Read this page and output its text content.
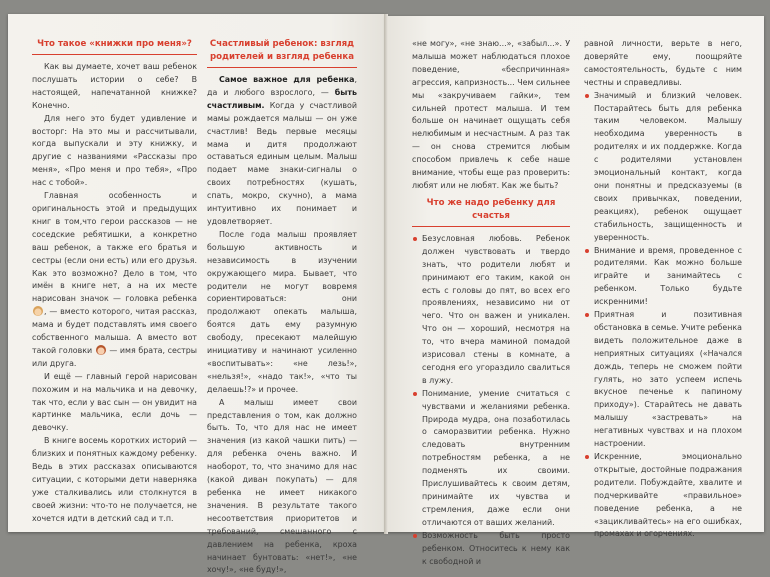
Что такое «книжки про меня»?

Как вы думаете, хочет ваш ребенок послушать истории о себе? В настоящей, напечатанной книжке? Конечно.

Для него это будет удивление и восторг: На это мы и рассчитывали, когда выпускали и эту книжку, и другие с названиями «Рассказы про меня», «Про меня и про тебя», «Про нас с тобой».

Главная особенность и оригинальность этой и предыдущих книг в том,что герои рассказов — не соседские ребятишки, а конкретно ваш ребенок, а также его братья и сестры (если они есть) или его друзья. Как это возможно? Дело в том, что имён в книге нет, а на их месте нарисован значок — головка ребенка , — вместо которого, читая рассказ, мама и будет подставлять имя своего собственного малыша. А вместо вот такой головки — имя брата, сестры или друга.

И ещё — главный герой нарисован похожим и на мальчика и на девочку, так что, если у вас сын — он увидит на картинке мальчика, если дочь — девочку.

В книге восемь коротких историй — близких и понятных каждому ребенку. Ведь в этих рассказах описываются ситуации, с которыми дети наверняка уже сталкивались или столкнутся в своей жизни: что-то не получается, не хочется идти в детский сад и т.п.

Счастливый ребенок: взгляд родителей и взгляд ребенка

Самое важное для ребенка, да и любого взрослого, — быть счастливым. Когда у счастливой мамы рождается малыш — он уже счастлив! Ведь первые месяцы мама и дитя продолжают оставаться единым целым. Малыш подает маме знаки-сигналы о своих потребностях (кушать, спать, мокро, скучно), а мама интуитивно их понимает и удовлетворяет.

После года малыш проявляет большую активность и независимость в изучении окружающего мира. Бывает, что родители не могут вовремя сориентироваться: они продолжают опекать малыша, боятся дать ему разумную свободу, пресекают малейшую инициативу и начинают усиленно «воспитывать»: «не лезь!», «нельзя!», «надо так!», «что ты делаешь!?» и прочее.

А малыш имеет свои представления о том, как должно быть. То, что для нас не имеет значения (из какой чашки пить) — для ребенка очень важно. И наоборот, то, что значимо для нас (какой диван покупать) — для ребенка не имеет никакого значения. В результате такого несоответствия приоритетов и требований, смешанного с давлением на ребенка, кроха начинает бунтовать: «нет!», «не хочу!», «не буду!»,

«не могу», «не знаю...», «забыл...». У малыша может наблюдаться плохое поведение, «беспричинная» агрессия, капризность... Чем сильнее мы «закручиваем гайки», тем сильней протест малыша. И тем больше он начинает ощущать себя нелюбимым и несчастным. А раз так — он снова стремится любым способом привлечь к себе наше внимание, чтобы еще раз проверить: любят или не любят. Как же быть?

Что же надо ребенку для счастья
Безусловная любовь. Ребенок должен чувствовать и твердо знать, что родители любят и принимают его таким, какой он есть с головы до пят, во всех его проявлениях, независимо ни от чего. Что он важен и уникален. Что он — хороший, несмотря на то, что вчера маминой помадой изрисовал стены в комнате, а сегодня его угораздило свалиться в лужу.
Понимание, умение считаться с чувствами и желаниями ребенка. Природа мудра, она позаботилась о саморазвитии ребенка. Нужно следовать внутренним потребностям ребенка, а не подменять их своими. Прислушивайтесь к своим детям, принимайте их чувства и стремления, даже если они отличаются от ваших желаний.
Возможность быть просто ребенком. Относитесь к нему как к свободной и

равной личности, верьте в него, доверяйте ему, поощряйте самостоятельность, будьте с ним честны и справедливы.

Значимый и близкий человек. Постарайтесь быть для ребенка таким человеком. Малышу необходима уверенность в родителях и их поддержке. Когда с родителями установлен эмоциональный контакт, когда они понятны и предсказуемы (в своих привычках, поведении, реакциях), ребенок ощущает стабильность, защищенность и уверенность.
Внимание и время, проведенное с родителями. Как можно больше играйте и занимайтесь с ребенком. Только будьте искренними!
Приятная и позитивная обстановка в семье. Учите ребенка видеть положительное даже в неприятных ситуациях («Начался дождь, теперь не сможем пойти гулять, но зато успеем испечь вкусное печенье к папиному приходу»). Старайтесь не давать малышу «застревать» на негативных чувствах и на плохом настроении.
Искренние, эмоционально открытые, достойные подражания родители. Побуждайте, хвалите и подчеркивайте «правильное» поведение ребенка, а не «зацикливайтесь» на его ошибках, промахах и огорчениях.
